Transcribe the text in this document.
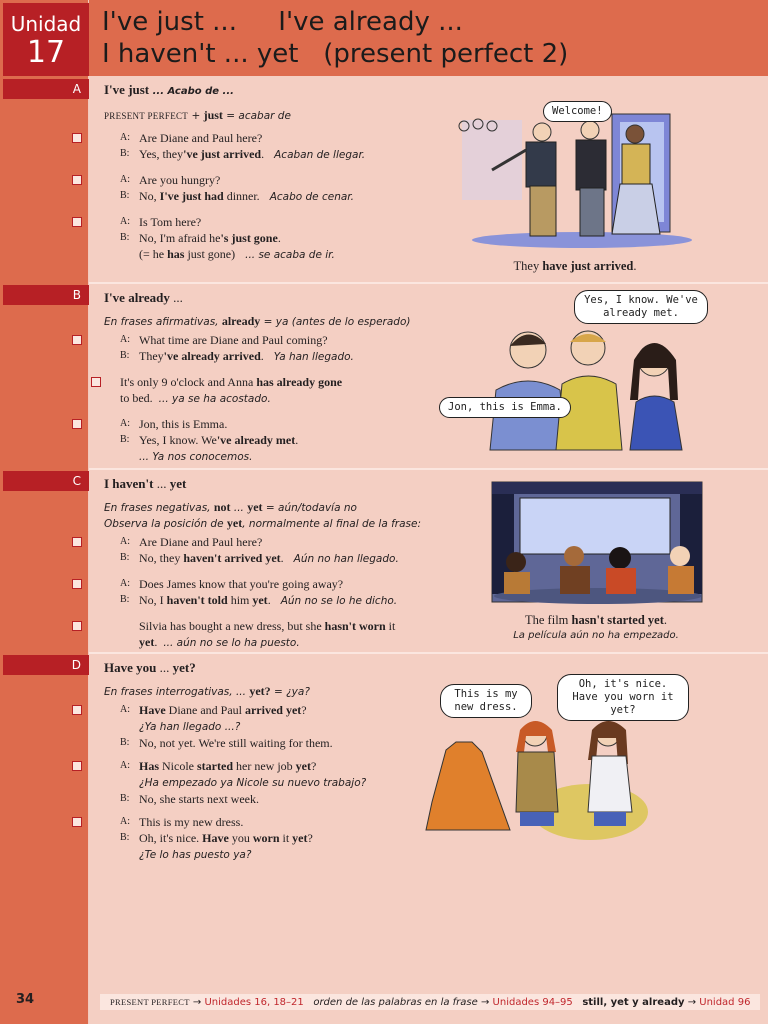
Unidad
17
I've just ...     I've already ...
I haven't ... yet   (present perfect 2)
A	I've just ... Acabo de ...
PRESENT PERFECT + just = acabar de
A: Are Diane and Paul here?
B: Yes, they've just arrived. Acaban de llegar.
A: Are you hungry?
B: No, I've just had dinner. Acabo de cenar.
A: Is Tom here?
B: No, I'm afraid he's just gone.
(= he has just gone) ... se acaba de ir.
Welcome!
They have just arrived.
B	I've already ...
En frases afirmativas, already = ya (antes de lo esperado)
A: What time are Diane and Paul coming?
B: They've already arrived. Ya han llegado.
It's only 9 o'clock and Anna has already gone
to bed. ... ya se ha acostado.
A: Jon, this is Emma.
B: Yes, I know. We've already met.
... Ya nos conocemos.
Yes, I know. We've already met.
Jon, this is Emma.
C	I haven't ... yet
En frases negativas, not ... yet = aún/todavía no
Observa la posición de yet, normalmente al final de la frase:
A: Are Diane and Paul here?
B: No, they haven't arrived yet. Aún no han llegado.
A: Does James know that you're going away?
B: No, I haven't told him yet. Aún no se lo he dicho.
Silvia has bought a new dress, but she hasn't worn it
yet. ... aún no se lo ha puesto.
The film hasn't started yet.
La película aún no ha empezado.
D	Have you ... yet?
En frases interrogativas, ... yet? = ¿ya?
A: Have Diane and Paul arrived yet?
¿Ya han llegado ...?
B: No, not yet. We're still waiting for them.
A: Has Nicole started her new job yet?
¿Ha empezado ya Nicole su nuevo trabajo?
B: No, she starts next week.
A: This is my new dress.
B: Oh, it's nice. Have you worn it yet?
¿Te lo has puesto ya?
This is my new dress.
Oh, it's nice. Have you worn it yet?
PRESENT PERFECT → Unidades 16, 18–21 orden de las palabras en la frase → Unidades 94–95 still, yet y already → Unidad 96
34
